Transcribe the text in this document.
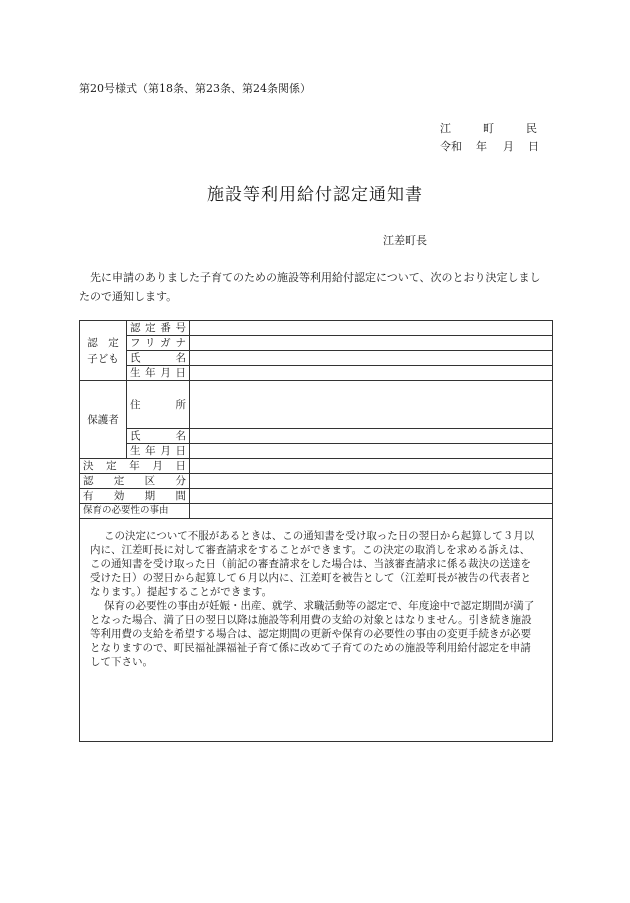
第20号様式（第18条、第23条、第24条関係）
江	町	民
令和 年 月 日
施設等利用給付認定通知書
江差町長
先に申請のありました子育てのための施設等利用給付認定について、次のとおり決定しましたので通知します。
認　定
子ども	認定番号	
	フリガナ	
	氏　　名	
	生年月日	
保護者	住　　所	
	氏　　名	
	生年月日	
決定年月日		
認定区分		
有効期間		
保育の必要性の事由		

この決定について不服があるときは、この通知書を受け取った日の翌日から起算して３月以内に、江差町長に対して審査請求をすることができます。この決定の取消しを求める訴えは、この通知書を受け取った日（前記の審査請求をした場合は、当該審査請求に係る裁決の送達を受けた日）の翌日から起算して６月以内に、江差町を被告として（江差町長が被告の代表者となります。）提起することができます。

保育の必要性の事由が妊娠・出産、就学、求職活動等の認定で、年度途中で認定期間が満了となった場合、満了日の翌日以降は施設等利用費の支給の対象とはなりません。引き続き施設等利用費の支給を希望する場合は、認定期間の更新や保育の必要性の事由の変更手続きが必要となりますので、町民福祉課福祉子育て係に改めて子育てのための施設等利用給付認定を申請して下さい。		
